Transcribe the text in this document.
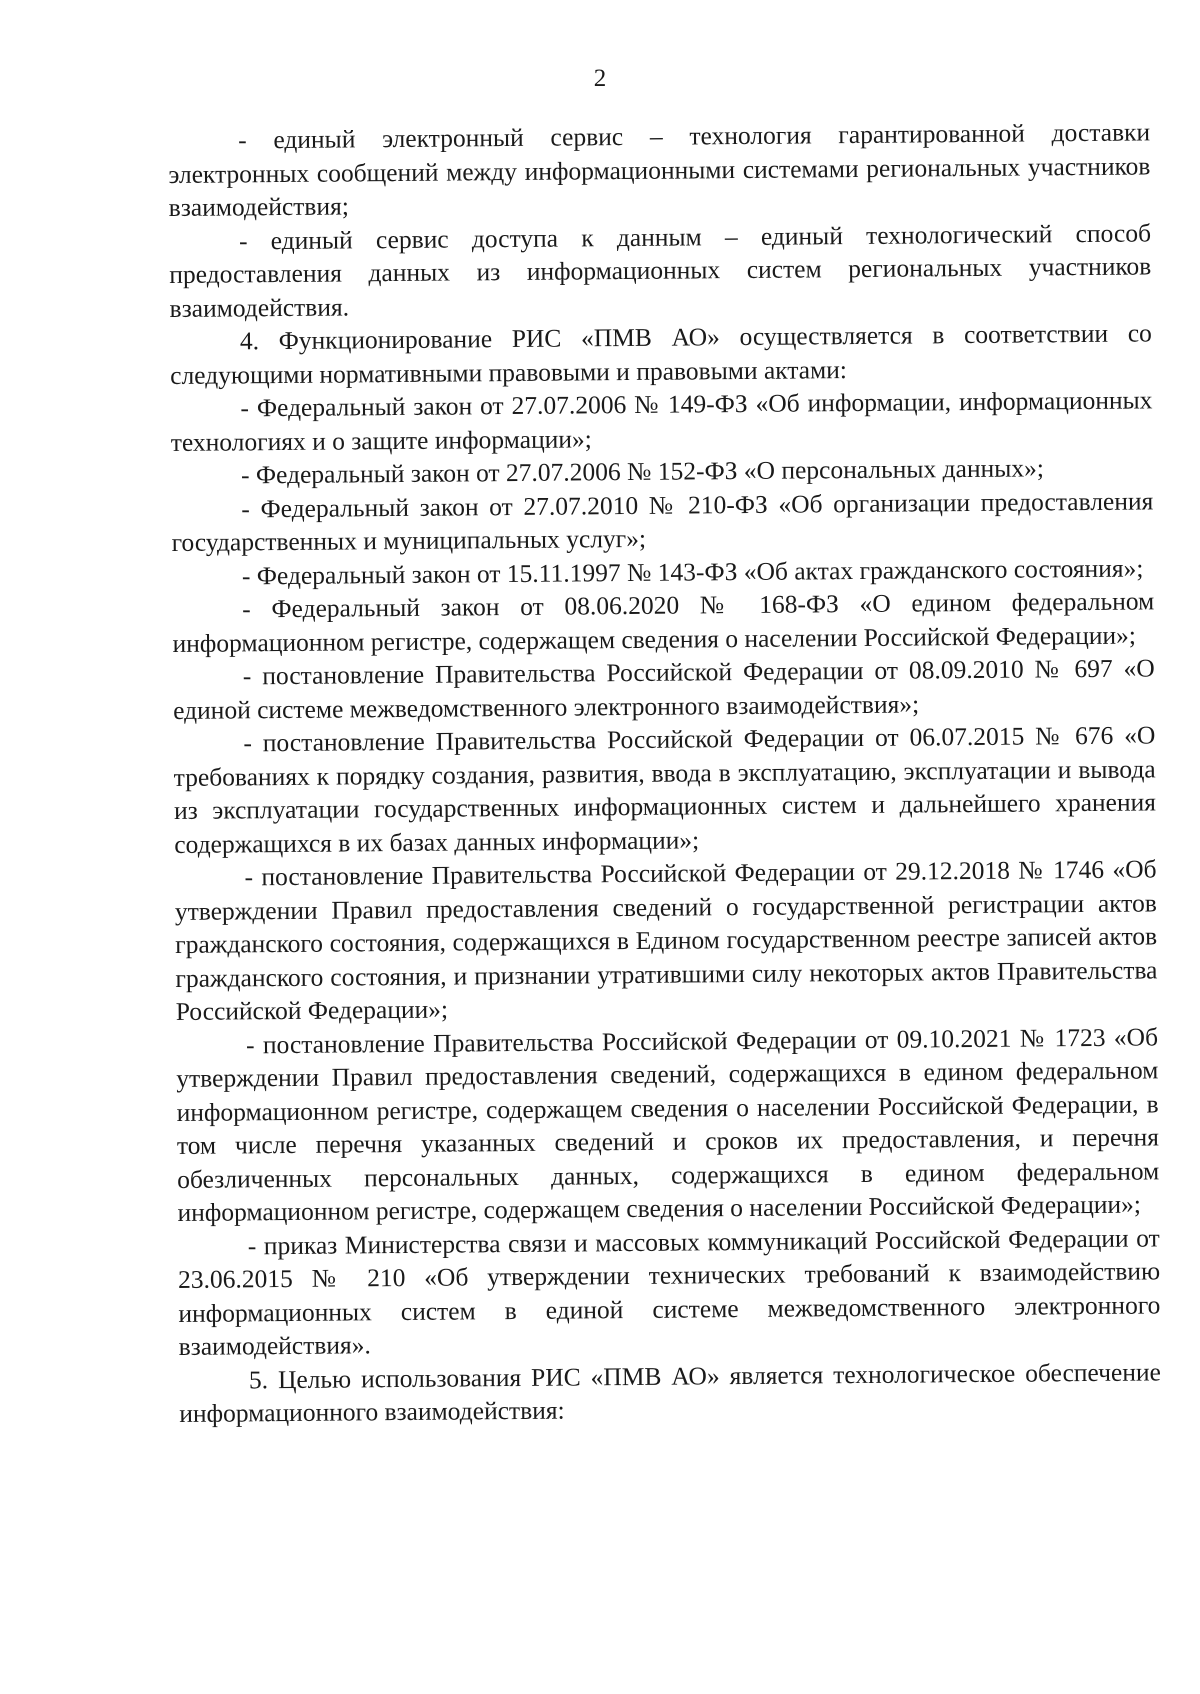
2

- единый электронный сервис – технология гарантированной доставки электронных сообщений между информационными системами региональных участников взаимодействия;

- единый сервис доступа к данным – единый технологический способ предоставления данных из информационных систем региональных участников взаимодействия.

4. Функционирование РИС «ПМВ АО» осуществляется в соответствии со следующими нормативными правовыми и правовыми актами:

- Федеральный закон от 27.07.2006 № 149-ФЗ «Об информации, информационных технологиях и о защите информации»;

- Федеральный закон от 27.07.2006 № 152-ФЗ «О персональных данных»;

- Федеральный закон от 27.07.2010 № 210-ФЗ «Об организации предоставления государственных и муниципальных услуг»;

- Федеральный закон от 15.11.1997 № 143-ФЗ «Об актах гражданского состояния»;

- Федеральный закон от 08.06.2020 № 168-ФЗ «О едином федеральном информационном регистре, содержащем сведения о населении Российской Федерации»;

- постановление Правительства Российской Федерации от 08.09.2010 № 697 «О единой системе межведомственного электронного взаимодействия»;

- постановление Правительства Российской Федерации от 06.07.2015 № 676 «О требованиях к порядку создания, развития, ввода в эксплуатацию, эксплуатации и вывода из эксплуатации государственных информационных систем и дальнейшего хранения содержащихся в их базах данных информации»;

- постановление Правительства Российской Федерации от 29.12.2018 № 1746 «Об утверждении Правил предоставления сведений о государственной регистрации актов гражданского состояния, содержащихся в Едином государственном реестре записей актов гражданского состояния, и признании утратившими силу некоторых актов Правительства Российской Федерации»;

- постановление Правительства Российской Федерации от 09.10.2021 № 1723 «Об утверждении Правил предоставления сведений, содержащихся в едином федеральном информационном регистре, содержащем сведения о населении Российской Федерации, в том числе перечня указанных сведений и сроков их предоставления, и перечня обезличенных персональных данных, содержащихся в едином федеральном информационном регистре, содержащем сведения о населении Российской Федерации»;

- приказ Министерства связи и массовых коммуникаций Российской Федерации от 23.06.2015 № 210 «Об утверждении технических требований к взаимодействию информационных систем в единой системе межведомственного электронного взаимодействия».

5. Целью использования РИС «ПМВ АО» является технологическое обеспечение информационного взаимодействия:
